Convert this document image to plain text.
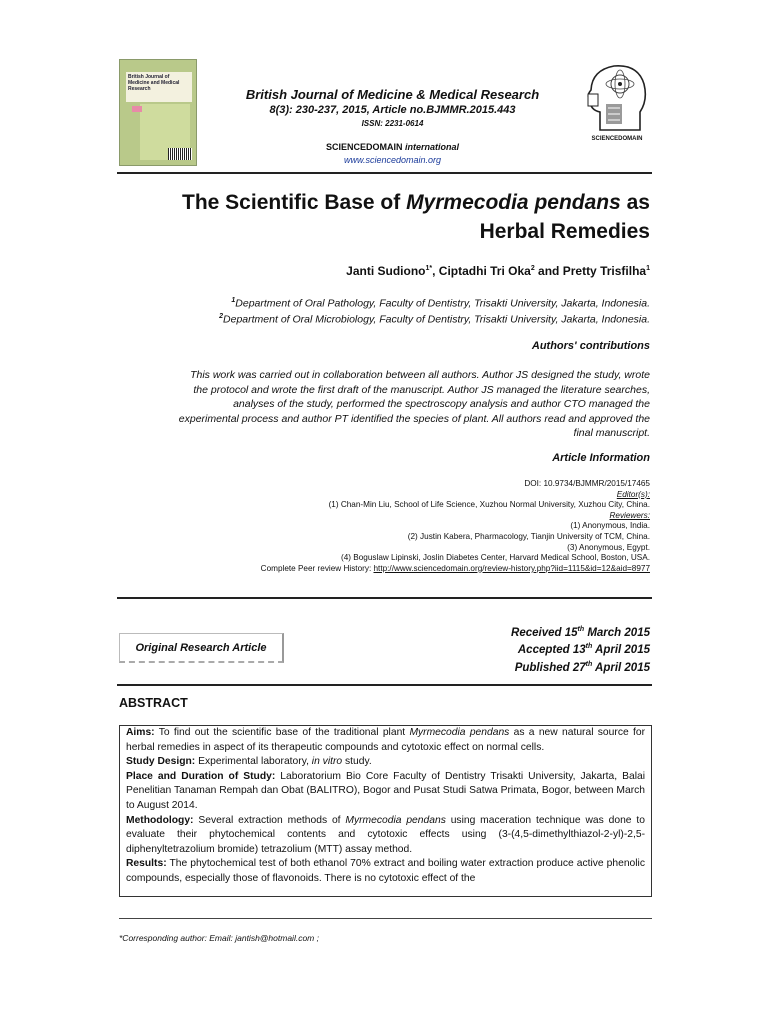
British Journal of Medicine and Medical Research	British Journal of Medicine & Medical Research
8(3): 230-237, 2015, Article no.BJMMR.2015.443
ISSN: 2231-0614
SCIENCEDOMAIN international
www.sciencedomain.org
SCIENCEDOMAIN
The Scientific Base of Myrmecodia pendans as
Herbal Remedies
Janti Sudiono$^{1*}$, Ciptadhi Tri Oka$^2$ and Pretty Trisfilha$^1$
$^1$Department of Oral Pathology, Faculty of Dentistry, Trisakti University, Jakarta, Indonesia.
$^2$Department of Oral Microbiology, Faculty of Dentistry, Trisakti University, Jakarta, Indonesia.
Authors' contributions
This work was carried out in collaboration between all authors. Author JS designed the study, wrote
the protocol and wrote the first draft of the manuscript. Author JS managed the literature searches,
analyses of the study, performed the spectroscopy analysis and author CTO managed the
experimental process and author PT identified the species of plant. All authors read and approved the
final manuscript.
Article Information
DOI: 10.9734/BJMMR/2015/17465
Editor(s):
(1) Chan-Min Liu, School of Life Science, Xuzhou Normal University, Xuzhou City, China.
Reviewers:
(1) Anonymous, India.
(2) Justin Kabera, Pharmacology, Tianjin University of TCM, China.
(3) Anonymous, Egypt.
(4) Boguslaw Lipinski, Joslin Diabetes Center, Harvard Medical School, Boston, USA.
Complete Peer review History: http://www.sciencedomain.org/review-history.php?iid=1115&id=12&aid=8977
Original Research Article
Received 15th March 2015
Accepted 13th April 2015
Published 27th April 2015
ABSTRACT

Aims: To find out the scientific base of the traditional plant Myrmecodia pendans as a new natural source for herbal remedies in aspect of its therapeutic compounds and cytotoxic effect on normal cells.

Study Design: Experimental laboratory, in vitro study.

Place and Duration of Study: Laboratorium Bio Core Faculty of Dentistry Trisakti University, Jakarta, Balai Penelitian Tanaman Rempah dan Obat (BALITRO), Bogor and Pusat Studi Satwa Primata, Bogor, between March to August 2014.

Methodology: Several extraction methods of Myrmecodia pendans using maceration technique was done to evaluate their phytochemical contents and cytotoxic effects using (3-(4,5-dimethylthiazol-2-yl)-2,5-diphenyltetrazolium bromide) tetrazolium (MTT) assay method.

Results: The phytochemical test of both ethanol 70% extract and boiling water extraction produce active phenolic compounds, especially those of flavonoids. There is no cytotoxic effect of the

*Corresponding author: Email: jantish@hotmail.com ;
